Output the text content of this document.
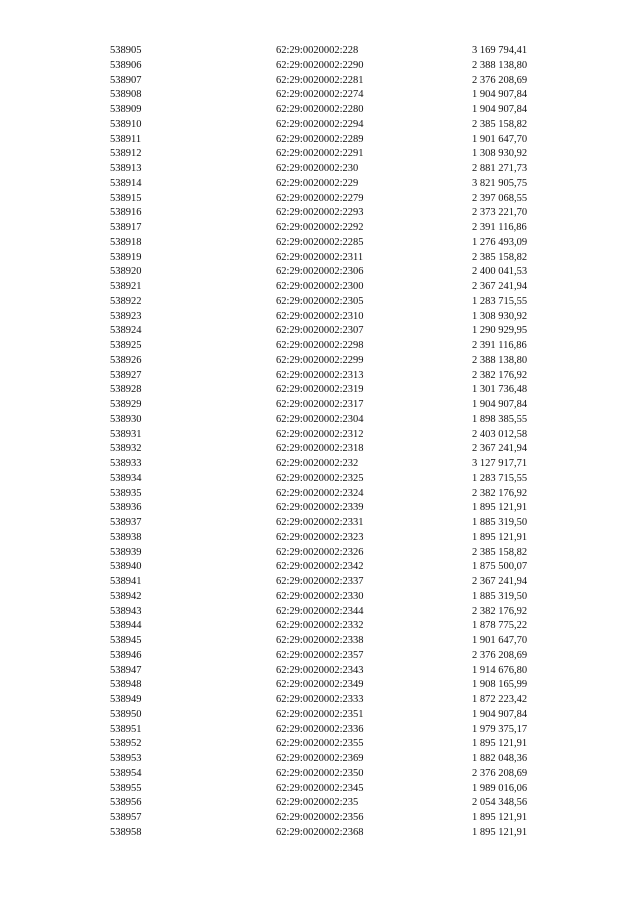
538905	62:29:0020002:228	3 169 794,41
538906	62:29:0020002:2290	2 388 138,80
538907	62:29:0020002:2281	2 376 208,69
538908	62:29:0020002:2274	1 904 907,84
538909	62:29:0020002:2280	1 904 907,84
538910	62:29:0020002:2294	2 385 158,82
538911	62:29:0020002:2289	1 901 647,70
538912	62:29:0020002:2291	1 308 930,92
538913	62:29:0020002:230	2 881 271,73
538914	62:29:0020002:229	3 821 905,75
538915	62:29:0020002:2279	2 397 068,55
538916	62:29:0020002:2293	2 373 221,70
538917	62:29:0020002:2292	2 391 116,86
538918	62:29:0020002:2285	1 276 493,09
538919	62:29:0020002:2311	2 385 158,82
538920	62:29:0020002:2306	2 400 041,53
538921	62:29:0020002:2300	2 367 241,94
538922	62:29:0020002:2305	1 283 715,55
538923	62:29:0020002:2310	1 308 930,92
538924	62:29:0020002:2307	1 290 929,95
538925	62:29:0020002:2298	2 391 116,86
538926	62:29:0020002:2299	2 388 138,80
538927	62:29:0020002:2313	2 382 176,92
538928	62:29:0020002:2319	1 301 736,48
538929	62:29:0020002:2317	1 904 907,84
538930	62:29:0020002:2304	1 898 385,55
538931	62:29:0020002:2312	2 403 012,58
538932	62:29:0020002:2318	2 367 241,94
538933	62:29:0020002:232	3 127 917,71
538934	62:29:0020002:2325	1 283 715,55
538935	62:29:0020002:2324	2 382 176,92
538936	62:29:0020002:2339	1 895 121,91
538937	62:29:0020002:2331	1 885 319,50
538938	62:29:0020002:2323	1 895 121,91
538939	62:29:0020002:2326	2 385 158,82
538940	62:29:0020002:2342	1 875 500,07
538941	62:29:0020002:2337	2 367 241,94
538942	62:29:0020002:2330	1 885 319,50
538943	62:29:0020002:2344	2 382 176,92
538944	62:29:0020002:2332	1 878 775,22
538945	62:29:0020002:2338	1 901 647,70
538946	62:29:0020002:2357	2 376 208,69
538947	62:29:0020002:2343	1 914 676,80
538948	62:29:0020002:2349	1 908 165,99
538949	62:29:0020002:2333	1 872 223,42
538950	62:29:0020002:2351	1 904 907,84
538951	62:29:0020002:2336	1 979 375,17
538952	62:29:0020002:2355	1 895 121,91
538953	62:29:0020002:2369	1 882 048,36
538954	62:29:0020002:2350	2 376 208,69
538955	62:29:0020002:2345	1 989 016,06
538956	62:29:0020002:235	2 054 348,56
538957	62:29:0020002:2356	1 895 121,91
538958	62:29:0020002:2368	1 895 121,91
